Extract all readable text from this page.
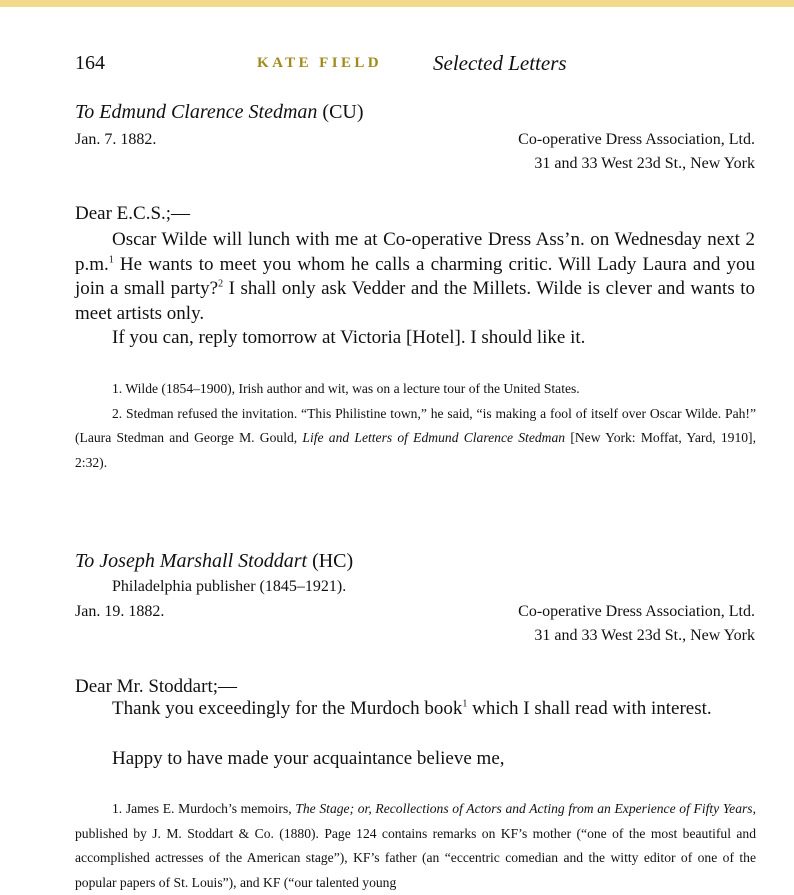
164	KATE FIELD Selected Letters
To Edmund Clarence Stedman (CU)
Jan. 7. 1882.	Co-operative Dress Association, Ltd.
31 and 33 West 23d St., New York
Dear E.C.S.;—
Oscar Wilde will lunch with me at Co-operative Dress Ass’n. on Wednesday next 2 p.m.$^1$ He wants to meet you whom he calls a charming critic. Will Lady Laura and you join a small party?$^2$ I shall only ask Vedder and the Millets. Wilde is clever and wants to meet artists only.
If you can, reply tomorrow at Victoria [Hotel]. I should like it.

1. Wilde (1854–1900), Irish author and wit, was on a lecture tour of the United States.

2. Stedman refused the invitation. “This Philistine town,” he said, “is making a fool of itself over Oscar Wilde. Pah!” (Laura Stedman and George M. Gould, Life and Letters of Edmund Clarence Stedman [New York: Moffat, Yard, 1910], 2:32).

To Joseph Marshall Stoddart (HC)
Philadelphia publisher (1845–1921).
Jan. 19. 1882.	Co-operative Dress Association, Ltd.
31 and 33 West 23d St., New York
Dear Mr. Stoddart;—
Thank you exceedingly for the Murdoch book$^1$ which I shall read with interest.
Happy to have made your acquaintance believe me,

1. James E. Murdoch’s memoirs, The Stage; or, Recollections of Actors and Acting from an Experience of Fifty Years, published by J. M. Stoddart & Co. (1880). Page 124 contains remarks on KF’s mother (“one of the most beautiful and accomplished actresses of the American stage”), KF’s father (an “eccentric comedian and the witty editor of one of the popular papers of St. Louis”), and KF (“our talented young
